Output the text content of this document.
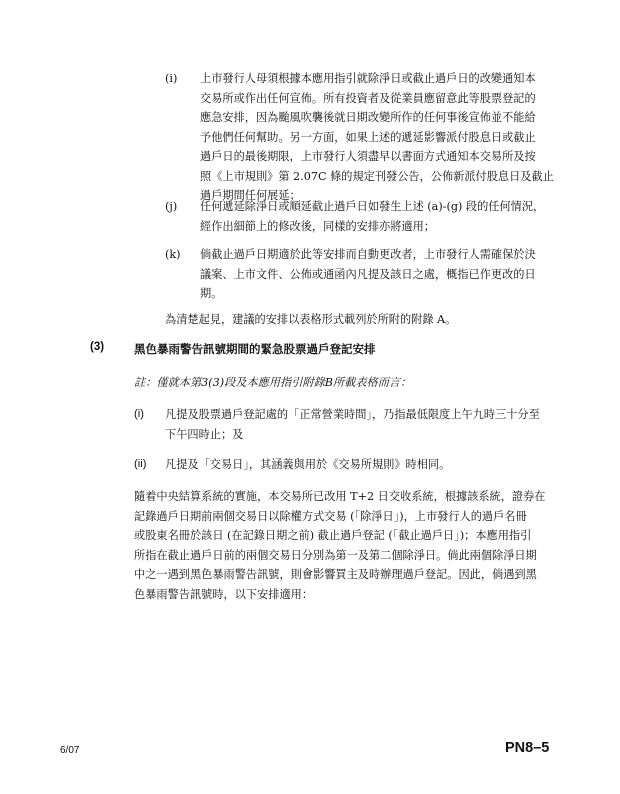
(i) 上市發行人母須根據本應用指引就除淨日或截止過戶日的改變通知本
交易所或作出任何宣佈。所有投資者及從業員應留意此等股票登記的
應急安排，因為颱風吹襲後就日期改變所作的任何事後宣佈並不能給
予他們任何幫助。另一方面，如果上述的遞延影響派付股息日或截止
過戶日的最後期限，上市發行人須盡早以書面方式通知本交易所及按
照《上市規則》第 2.07C 條的規定刊發公告，公佈新派付股息日及截止
過戶期間任何展延；
(j) 任何遞延除淨日或順延截止過戶日如發生上述 (a)-(g) 段的任何情況，
經作出細節上的修改後，同樣的安排亦將適用；
(k) 倘截止過戶日期適於此等安排而自動更改者，上市發行人需確保於決
議案、上市文件、公佈或通函內凡提及該日之處，概指已作更改的日
期。
為清楚起見，建議的安排以表格形式載列於所附的附錄 A。
(3)	黑色暴雨警告訊號期間的緊急股票過戶登記安排
註：僅就本第3(3)段及本應用指引附錄B所載表格而言：
(i) 凡提及股票過戶登記處的「正常營業時間」，乃指最低限度上午九時三十分至
下午四時止；及
(ii) 凡提及「交易日」，其涵義與用於《交易所規則》時相同。
隨着中央結算系統的實施，本交易所已改用 T+2 日交收系統，根據該系統，證券在
記錄過戶日期前兩個交易日以除權方式交易 (「除淨日」)，上市發行人的過戶名冊
或股東名冊於該日 (在記錄日期之前) 截止過戶登記 (「截止過戶日」)；本應用指引
所指在截止過戶日前的兩個交易日分別為第一及第二個除淨日。倘此兩個除淨日期
中之一遇到黑色暴雨警告訊號，則會影響買主及時辦理過戶登記。因此，倘遇到黑
色暴雨警告訊號時，以下安排適用：
6/07	PN8–5
